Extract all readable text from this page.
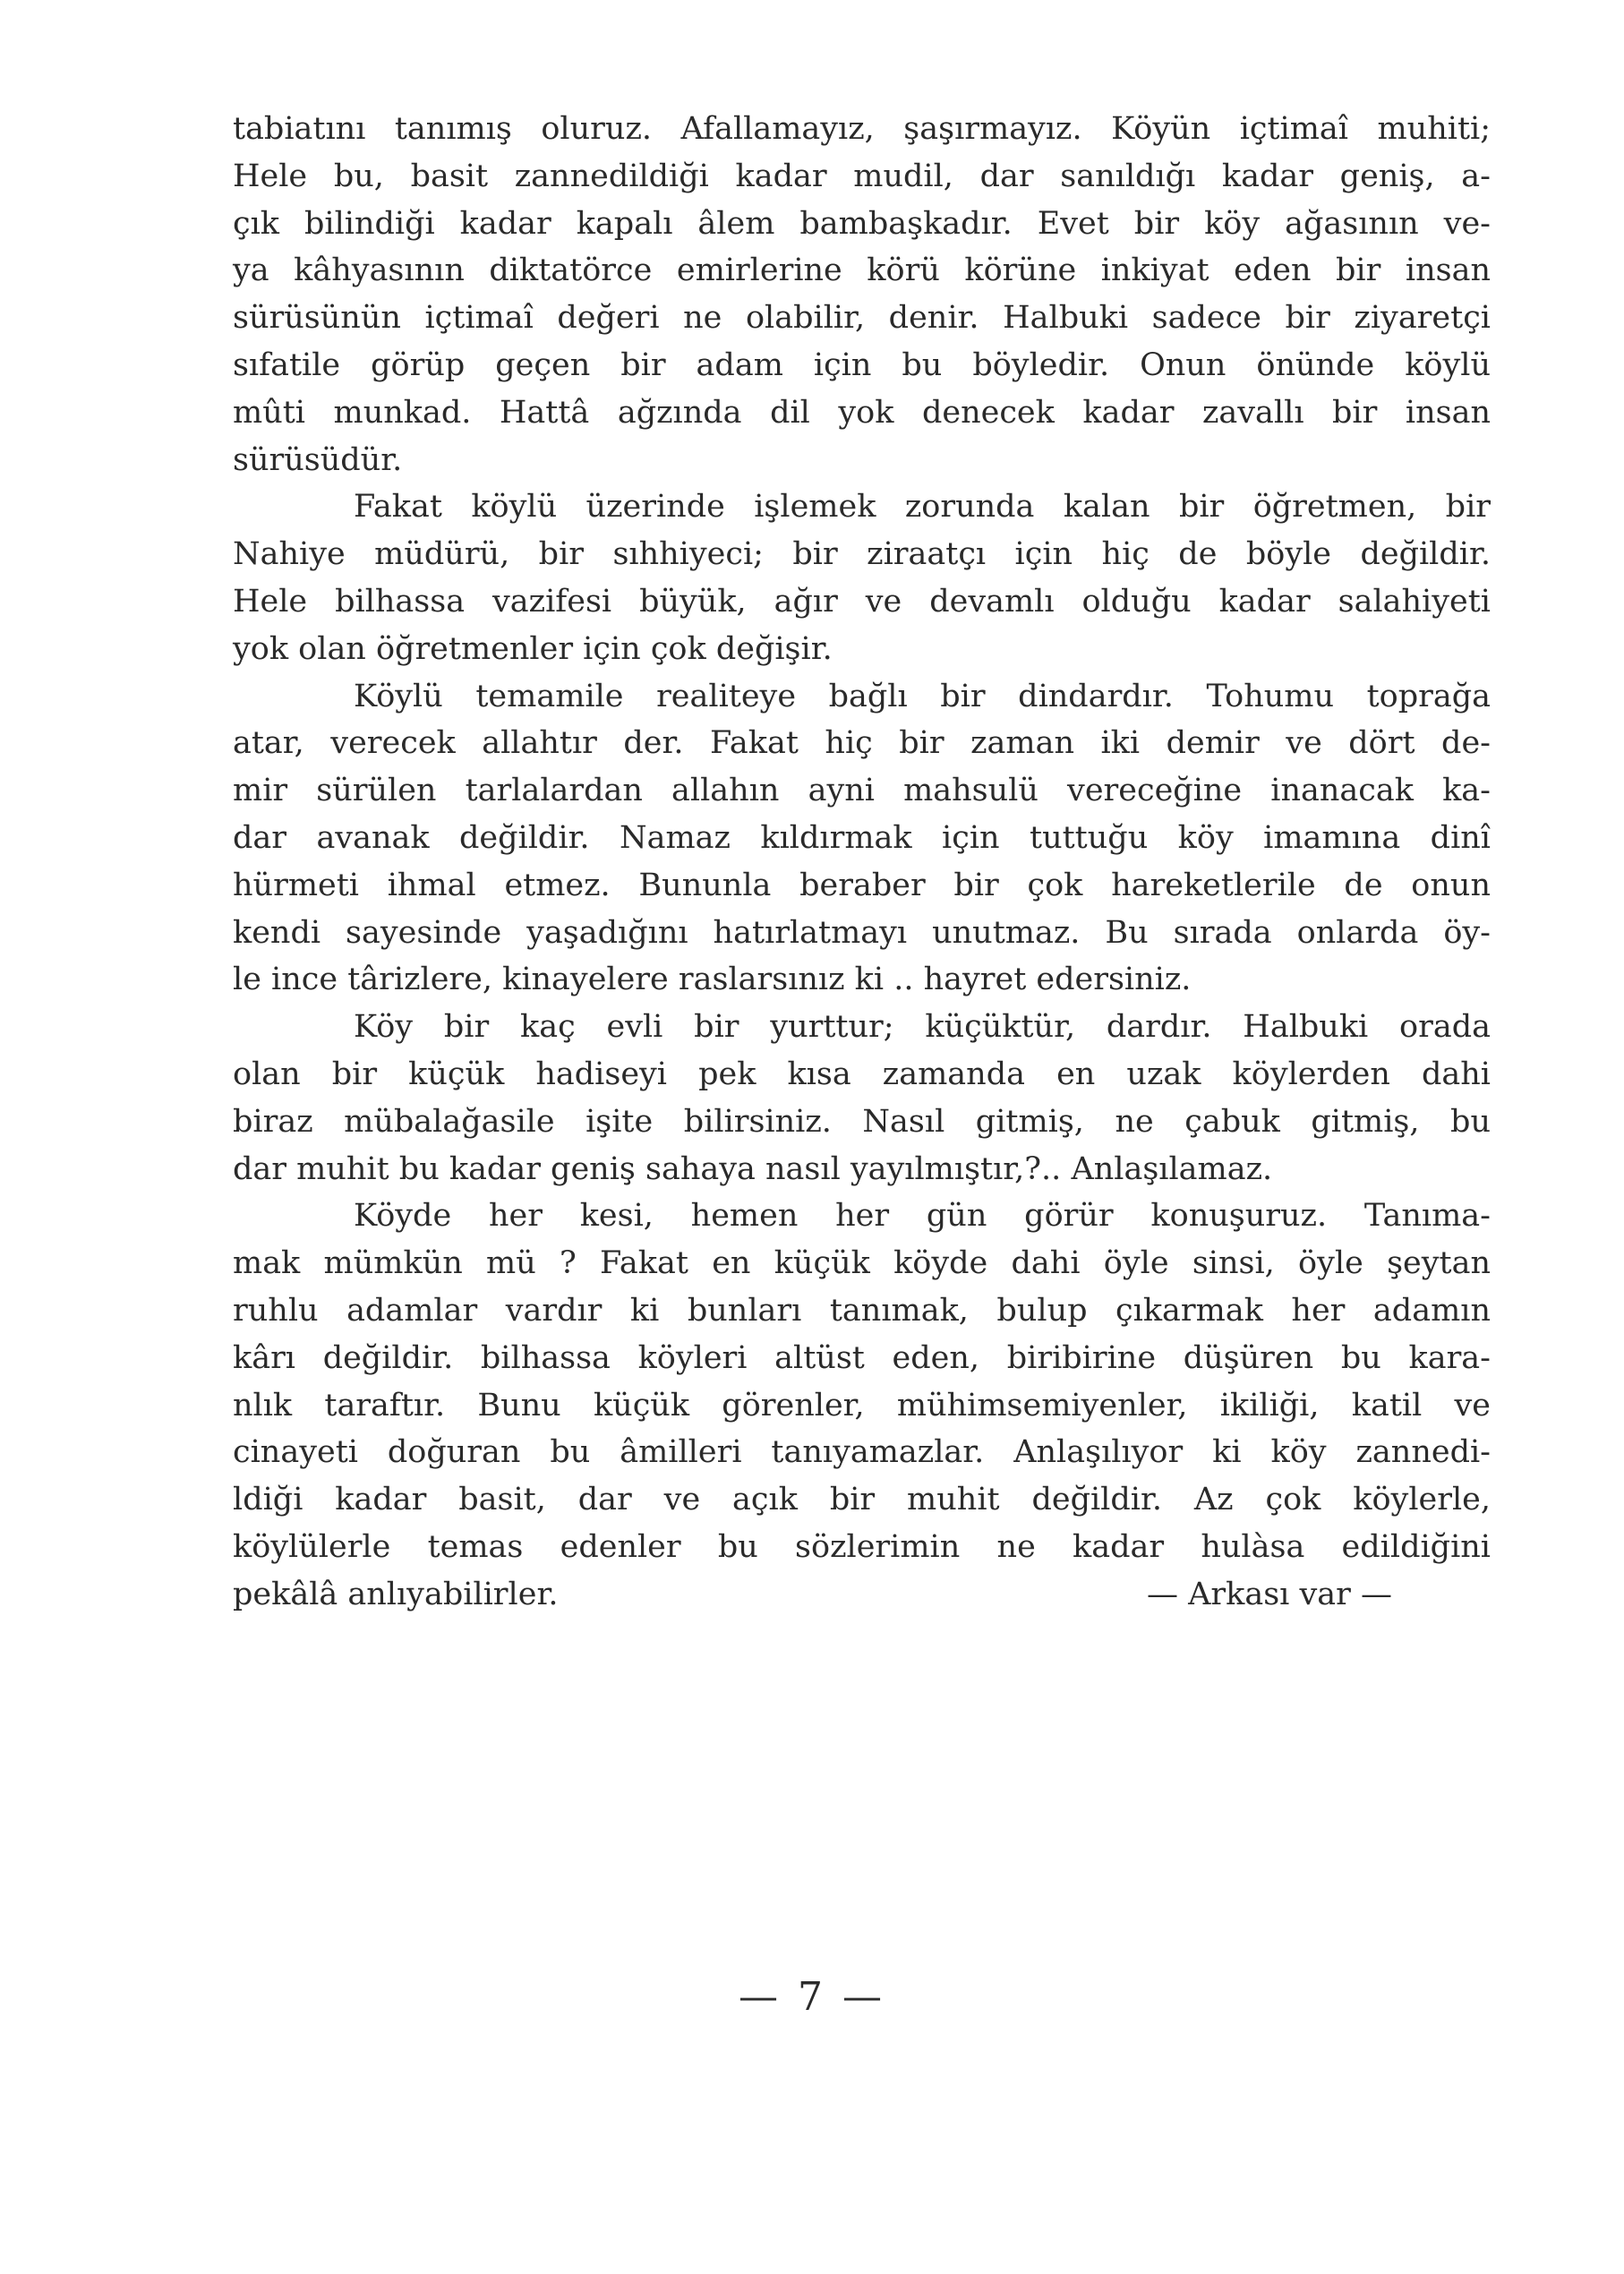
tabiatını tanımış oluruz. Afallamayız, şaşırmayız. Köyün içtimaî muhiti;
Hele bu, basit zannedildiği kadar mudil, dar sanıldığı kadar geniş, a-
çık bilindiği kadar kapalı âlem bambaşkadır. Evet bir köy ağasının ve-
ya kâhyasının diktatörce emirlerine körü körüne inkiyat eden bir insan
sürüsünün içtimaî değeri ne olabilir, denir. Halbuki sadece bir ziyaretçi
sıfatile görüp geçen bir adam için bu böyledir. Onun önünde köylü
mûti munkad. Hattâ ağzında dil yok denecek kadar zavallı bir insan
sürüsüdür.
Fakat köylü üzerinde işlemek zorunda kalan bir öğretmen, bir
Nahiye müdürü, bir sıhhiyeci; bir ziraatçı için hiç de böyle değildir.
Hele bilhassa vazifesi büyük, ağır ve devamlı olduğu kadar salahiyeti
yok olan öğretmenler için çok değişir.
Köylü temamile realiteye bağlı bir dindardır. Tohumu toprağa
atar, verecek allahtır der. Fakat hiç bir zaman iki demir ve dört de-
mir sürülen tarlalardan allahın ayni mahsulü vereceğine inanacak ka-
dar avanak değildir. Namaz kıldırmak için tuttuğu köy imamına dinî
hürmeti ihmal etmez. Bununla beraber bir çok hareketlerile de onun
kendi sayesinde yaşadığını hatırlatmayı unutmaz. Bu sırada onlarda öy-
le ince târizlere, kinayelere raslarsınız ki .. hayret edersiniz.
Köy bir kaç evli bir yurttur; küçüktür, dardır. Halbuki orada
olan bir küçük hadiseyi pek kısa zamanda en uzak köylerden dahi
biraz mübalağasile işite bilirsiniz. Nasıl gitmiş, ne çabuk gitmiş, bu
dar muhit bu kadar geniş sahaya nasıl yayılmıştır,?.. Anlaşılamaz.
Köyde her kesi, hemen her gün görür konuşuruz. Tanıma-
mak mümkün mü ? Fakat en küçük köyde dahi öyle sinsi, öyle şeytan
ruhlu adamlar vardır ki bunları tanımak, bulup çıkarmak her adamın
kârı değildir. bilhassa köyleri altüst eden, biribirine düşüren bu kara-
nlık taraftır. Bunu küçük görenler, mühimsemiyenler, ikiliği, katil ve
cinayeti doğuran bu âmilleri tanıyamazlar. Anlaşılıyor ki köy zannedi-
ldiği kadar basit, dar ve açık bir muhit değildir. Az çok köylerle,
köylülerle temas edenler bu sözlerimin ne kadar hulàsa edildiğini
pekâlâ anlıyabilirler.	— Arkası var —
— 7 —
